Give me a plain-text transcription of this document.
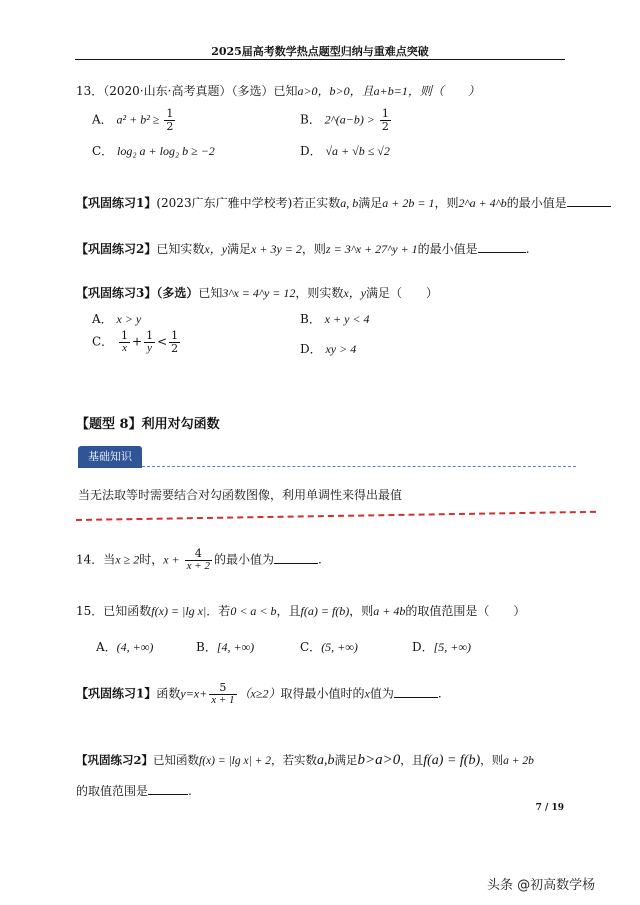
2025届高考数学热点题型归纳与重难点突破
13．（2020·山东·高考真题）（多选）已知a>0，b>0，且a+b=1，则（　　）
A． $a^2 + b^2 \ge \frac{1}{2}$	B． 2^(a−b) > $\frac{1}{2}$
C． log₂ a + log₂ b ≥ −2	D． √a + √b ≤ √2
【巩固练习1】(2023广东广雅中学校考)若正实数a, b满足a + 2b = 1，则2^a + 4^b的最小值是
【巩固练习2】已知实数x，y满足x + 3y = 2，则z = 3^x + 27^y + 1的最小值是	.
【巩固练习3】（多选）已知3^x = 4^y = 12，则实数x，y满足（　　）
A． x > y	B． x + y < 4
C． $\frac{1}{x} + \frac{1}{y} < \frac{1}{2}$	D． xy > 4
【题型 8】利用对勾函数
基础知识
当无法取等时需要结合对勾函数图像，利用单调性来得出最值
14．当x ≥ 2时，$x + \frac{4}{x + 2}$ 的最小值为	.
15．已知函数f(x) = |lg x|．若0 < a < b，且f(a) = f(b)，则a + 4b的取值范围是（　　）
A．(4, +∞)	B．[4, +∞)	C．(5, +∞)	D．[5, +∞)
【巩固练习1】函数$y=x+ \frac{5}{x + 1} (x\ge 2)$取得最小值时的x值为	.
【巩固练习2】已知函数f(x) = |lg x| + 2，若实数a,b满足b>a>0，且f(a) = f(b)，则a + 2b
的取值范围是	.
7 / 19
头条 @初高数学杨
